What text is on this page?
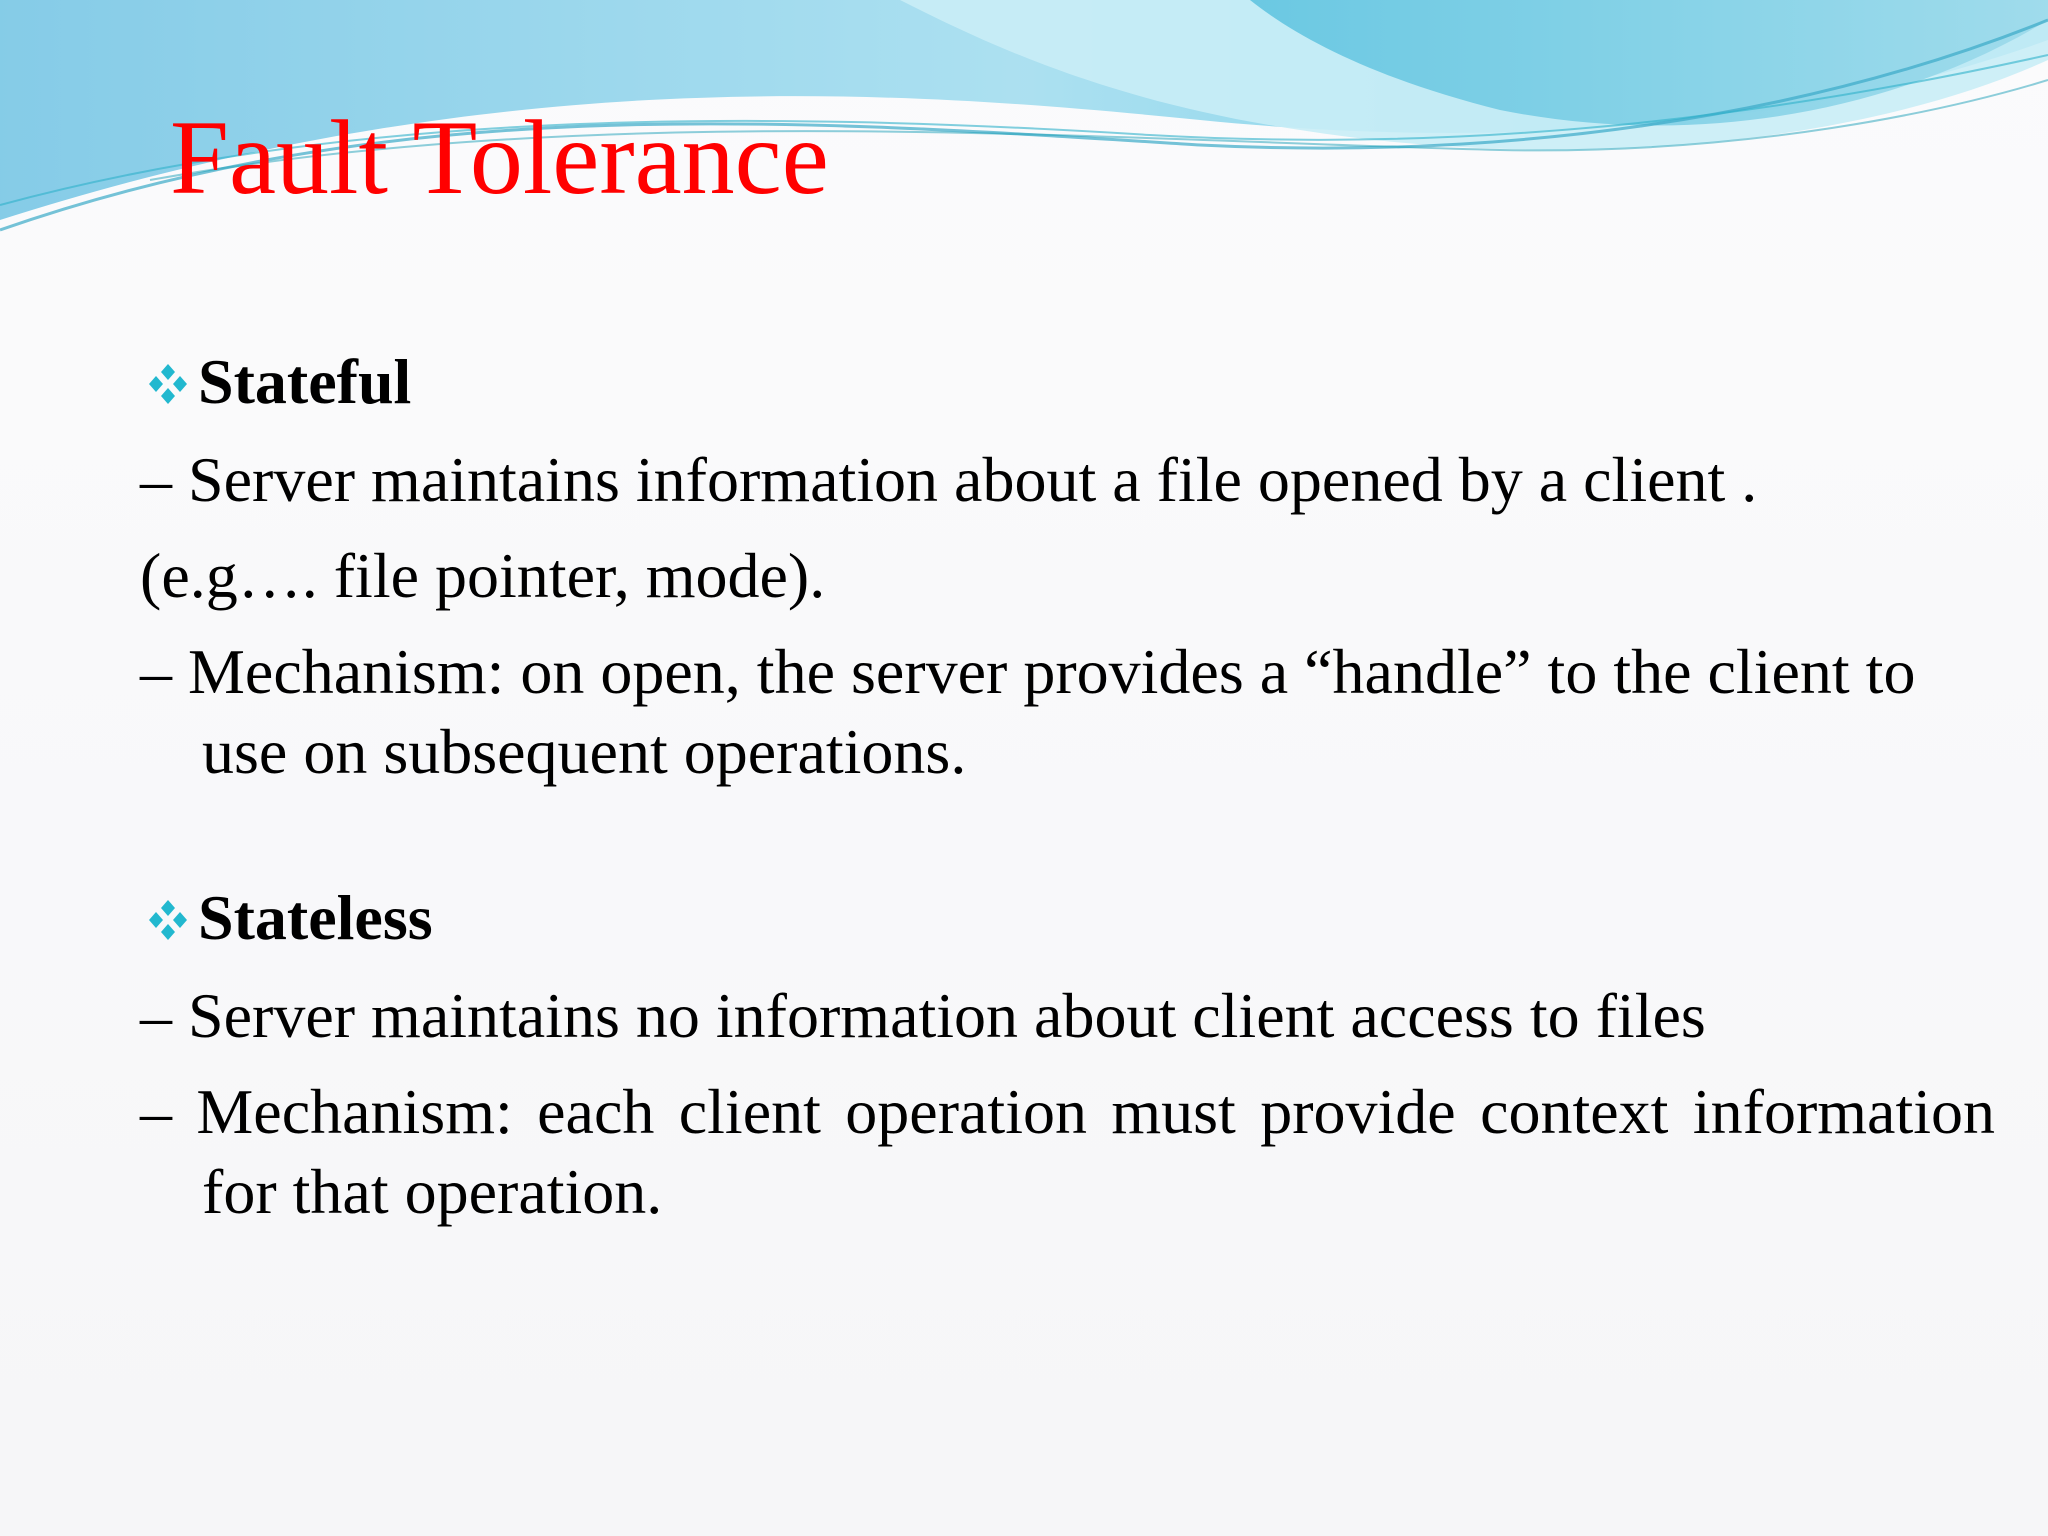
Fault Tolerance
Stateful
– Server maintains information about a file opened by a client .
(e.g…. file pointer, mode).
– Mechanism: on open, the server provides a “handle” to the client to use on subsequent operations.
Stateless
– Server maintains no information about client access to files
– Mechanism: each client operation must provide context information for that operation.
